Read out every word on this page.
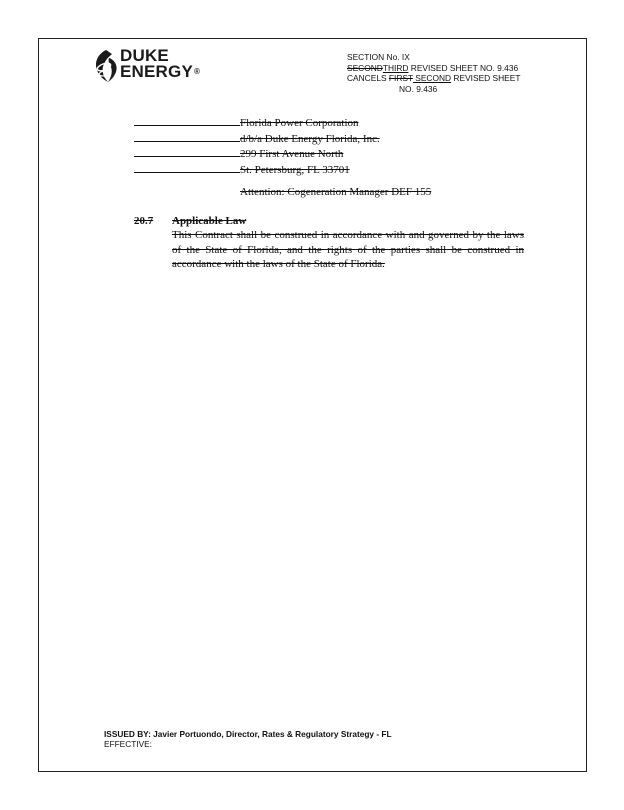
DUKE
ENERGY®
SECTION No. IX
SECONDTHIRD REVISED SHEET NO. 9.436
CANCELS FIRST SECOND REVISED SHEET
NO. 9.436
Florida Power Corporation
d/b/a Duke Energy Florida, Inc.
299 First Avenue North
St. Petersburg, FL 33701
Attention: Cogeneration Manager DEF 155
20.7 Applicable Law
This Contract shall be construed in accordance with and governed by the laws of the State of Florida, and the rights of the parties shall be construed in accordance with the laws of the State of Florida.
ISSUED BY: Javier Portuondo, Director, Rates & Regulatory Strategy - FL
EFFECTIVE:
